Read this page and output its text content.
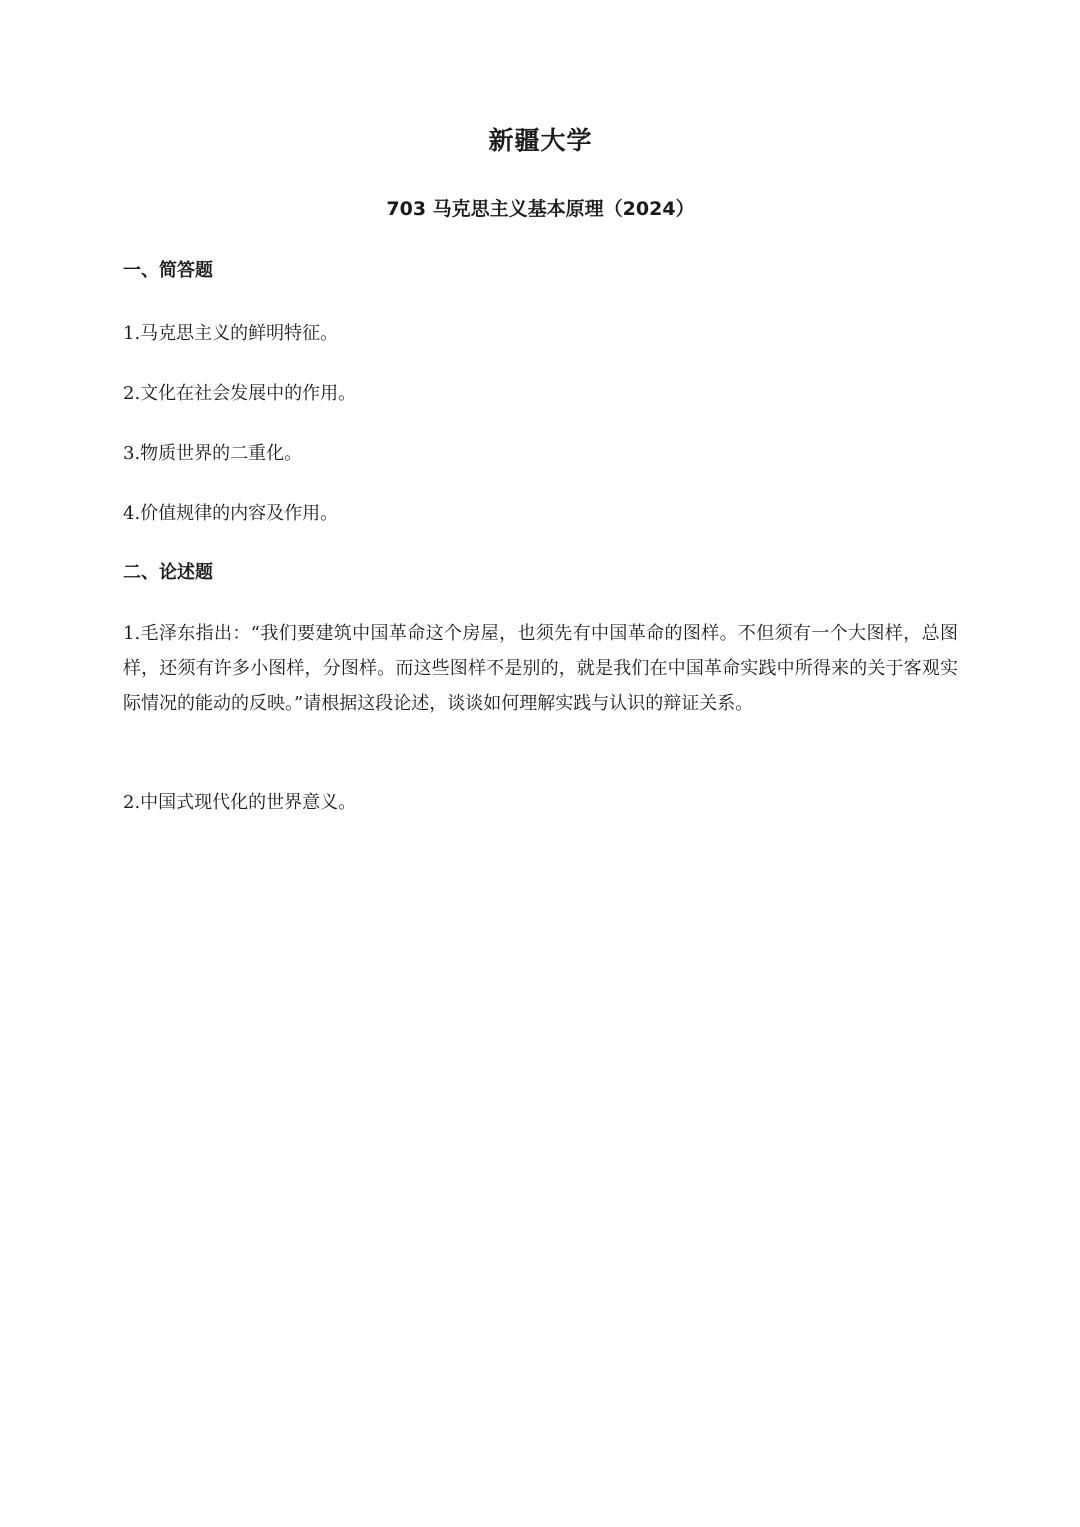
新疆大学
703 马克思主义基本原理（2024）
一、简答题

1.马克思主义的鲜明特征。

2.文化在社会发展中的作用。

3.物质世界的二重化。

4.价值规律的内容及作用。

二、论述题

1.毛泽东指出：“我们要建筑中国革命这个房屋，也须先有中国革命的图样。不但须有一个大图样，总图样，还须有许多小图样，分图样。而这些图样不是别的，就是我们在中国革命实践中所得来的关于客观实际情况的能动的反映。”请根据这段论述，谈谈如何理解实践与认识的辩证关系。

2.中国式现代化的世界意义。
